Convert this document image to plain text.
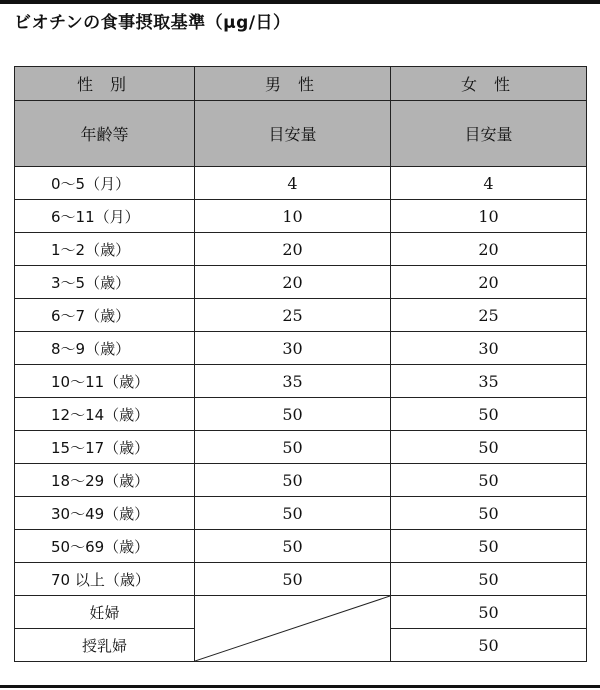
ビオチンの食事摂取基準（μg/日）
性 別	男 性	女 性
年齢等	目安量	目安量
0～5（月）	4	4
6～11（月）	10	10
1～2（歳）	20	20
3～5（歳）	20	20
6～7（歳）	25	25
8～9（歳）	30	30
10～11（歳）	35	35
12～14（歳）	50	50
15～17（歳）	50	50
18～29（歳）	50	50
30～49（歳）	50	50
50～69（歳）	50	50
70 以上（歳）	50	50
妊婦		50
授乳婦		50
